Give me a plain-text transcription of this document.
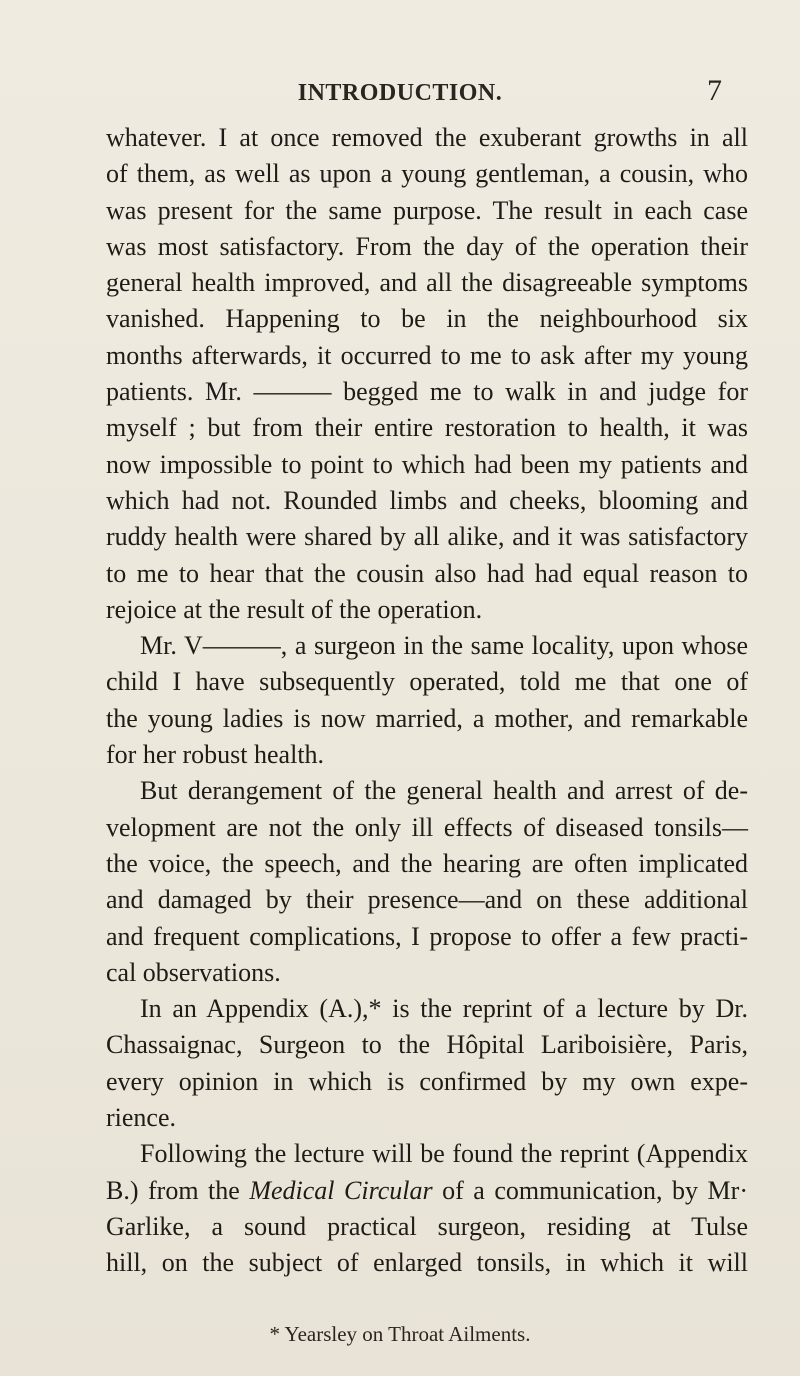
INTRODUCTION.	7
whatever. I at once removed the exuberant growths in all
of them, as well as upon a young gentleman, a cousin, who
was present for the same purpose. The result in each case
was most satisfactory. From the day of the operation their
general health improved, and all the disagreeable symptoms
vanished. Happening to be in the neighbourhood six
months afterwards, it occurred to me to ask after my young
patients. Mr. ——— begged me to walk in and judge for
myself ; but from their entire restoration to health, it was
now impossible to point to which had been my patients and
which had not. Rounded limbs and cheeks, blooming and
ruddy health were shared by all alike, and it was satisfactory
to me to hear that the cousin also had had equal reason to
rejoice at the result of the operation.
Mr. V———, a surgeon in the same locality, upon whose
child I have subsequently operated, told me that one of
the young ladies is now married, a mother, and remarkable
for her robust health.
But derangement of the general health and arrest of de-
velopment are not the only ill effects of diseased tonsils—
the voice, the speech, and the hearing are often implicated
and damaged by their presence—and on these additional
and frequent complications, I propose to offer a few practi-
cal observations.
In an Appendix (A.),* is the reprint of a lecture by Dr.
Chassaignac, Surgeon to the Hôpital Lariboisière, Paris,
every opinion in which is confirmed by my own expe-
rience.
Following the lecture will be found the reprint (Appendix
B.) from the Medical Circular of a communication, by Mr·
Garlike, a sound practical surgeon, residing at Tulse
hill, on the subject of enlarged tonsils, in which it will
* Yearsley on Throat Ailments.
